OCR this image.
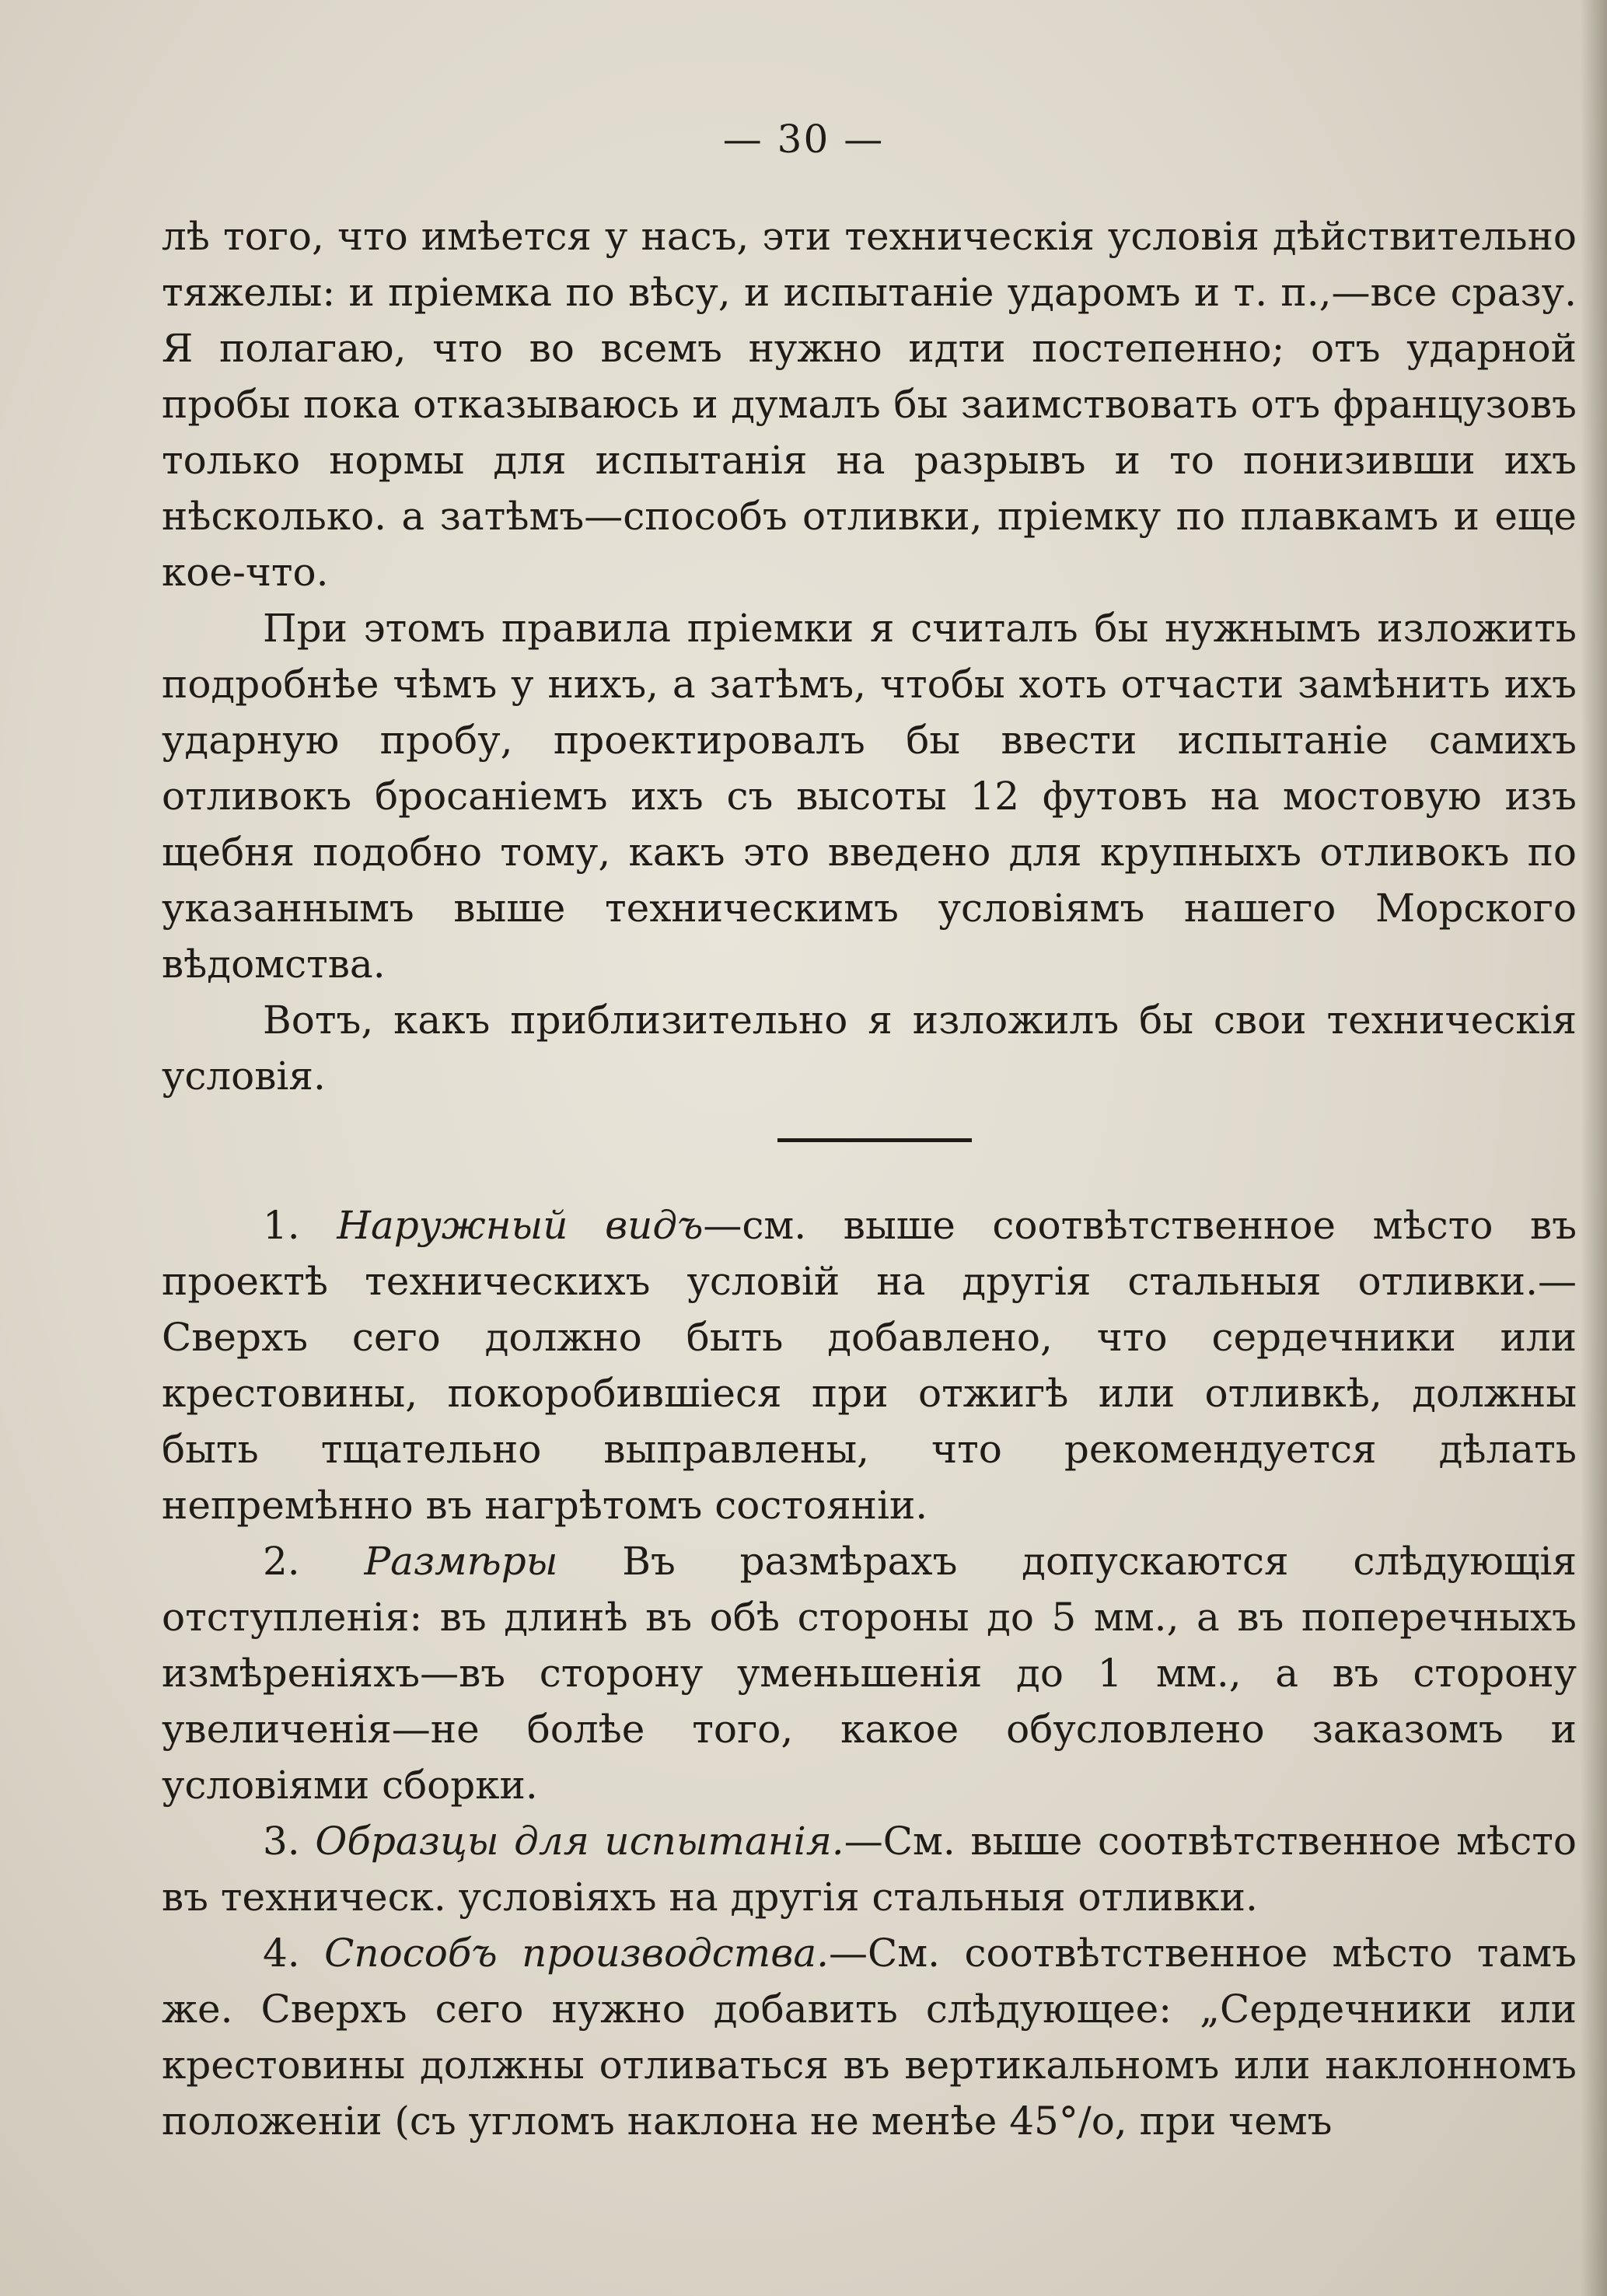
— 30 —

лѣ того, что имѣется у насъ, эти техническія условія дѣйствительно тяжелы: и пріемка по вѣсу, и испытаніе ударомъ и т. п.,—все сразу. Я полагаю, что во всемъ нужно идти постепенно; отъ ударной пробы пока отказываюсь и думалъ бы заимствовать отъ французовъ только нормы для испытанія на разрывъ и то понизивши ихъ нѣсколько. а затѣмъ—способъ отливки, пріемку по плавкамъ и еще кое-что.

При этомъ правила пріемки я считалъ бы нужнымъ изложить подробнѣе чѣмъ у нихъ, а затѣмъ, чтобы хоть отчасти замѣнить ихъ ударную пробу, проектировалъ бы ввести испытаніе самихъ отливокъ бросаніемъ ихъ съ высоты 12 футовъ на мостовую изъ щебня подобно тому, какъ это введено для крупныхъ отливокъ по указаннымъ выше техническимъ условіямъ нашего Морского вѣдомства.

Вотъ, какъ приблизительно я изложилъ бы свои техническія условія.

1. Наружный видъ—см. выше соотвѣтственное мѣсто въ проектѣ техническихъ условій на другія стальныя отливки.—Сверхъ сего должно быть добавлено, что сердечники или крестовины, покоробившіеся при отжигѣ или отливкѣ, должны быть тщательно выправлены, что рекомендуется дѣлать непремѣнно въ нагрѣтомъ состояніи.

2. Размѣры Въ размѣрахъ допускаются слѣдующія отступленія: въ длинѣ въ обѣ стороны до 5 мм., а въ поперечныхъ измѣреніяхъ—въ сторону уменьшенія до 1 мм., а въ сторону увеличенія—не болѣе того, какое обусловлено заказомъ и условіями сборки.

3. Образцы для испытанія.—См. выше соотвѣтственное мѣсто въ техническ. условіяхъ на другія стальныя отливки.

4. Способъ производства.—См. соотвѣтственное мѣсто тамъ же. Сверхъ сего нужно добавить слѣдующее: „Сердечники или крестовины должны отливаться въ вертикальномъ или наклонномъ положеніи (съ угломъ наклона не менѣе 45°/о, при чемъ
